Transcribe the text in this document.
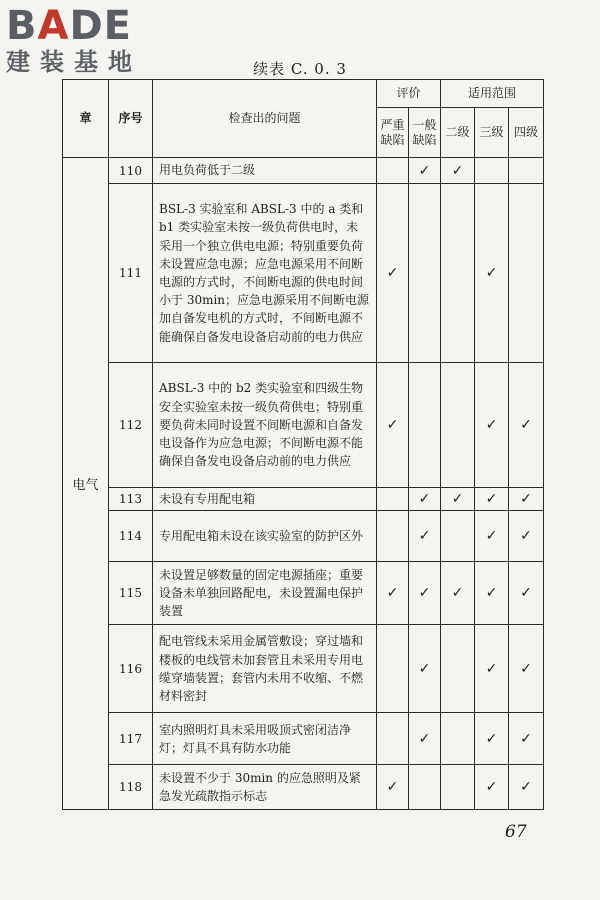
BADE
建装基地	续表 C. 0. 3
章	序号	检查出的问题	评价		适用范围		
			严重缺陷	一般缺陷	二级	三级	四级
电气	110	用电负荷低于二级		✓	✓		
	111	BSL-3 实验室和 ABSL-3 中的 a 类和 b1 类实验室未按一级负荷供电时，未采用一个独立供电电源；特别重要负荷未设置应急电源；应急电源采用不间断电源的方式时，不间断电源的供电时间小于 30min；应急电源采用不间断电源加自备发电机的方式时，不间断电源不能确保自备发电设备启动前的电力供应	✓			✓	
	112	ABSL-3 中的 b2 类实验室和四级生物安全实验室未按一级负荷供电；特别重要负荷未同时设置不间断电源和自备发电设备作为应急电源；不间断电源不能确保自备发电设备启动前的电力供应	✓			✓	✓
	113	未设有专用配电箱		✓	✓	✓	✓
	114	专用配电箱未设在该实验室的防护区外		✓		✓	✓
	115	未设置足够数量的固定电源插座；重要设备未单独回路配电，未设置漏电保护装置	✓	✓	✓	✓	✓
	116	配电管线未采用金属管敷设；穿过墙和楼板的电线管未加套管且未采用专用电缆穿墙装置；套管内未用不收缩、不燃材料密封		✓		✓	✓
	117	室内照明灯具未采用吸顶式密闭洁净灯；灯具不具有防水功能		✓		✓	✓
	118	未设置不少于 30min 的应急照明及紧急发光疏散指示标志	✓			✓	✓
67
